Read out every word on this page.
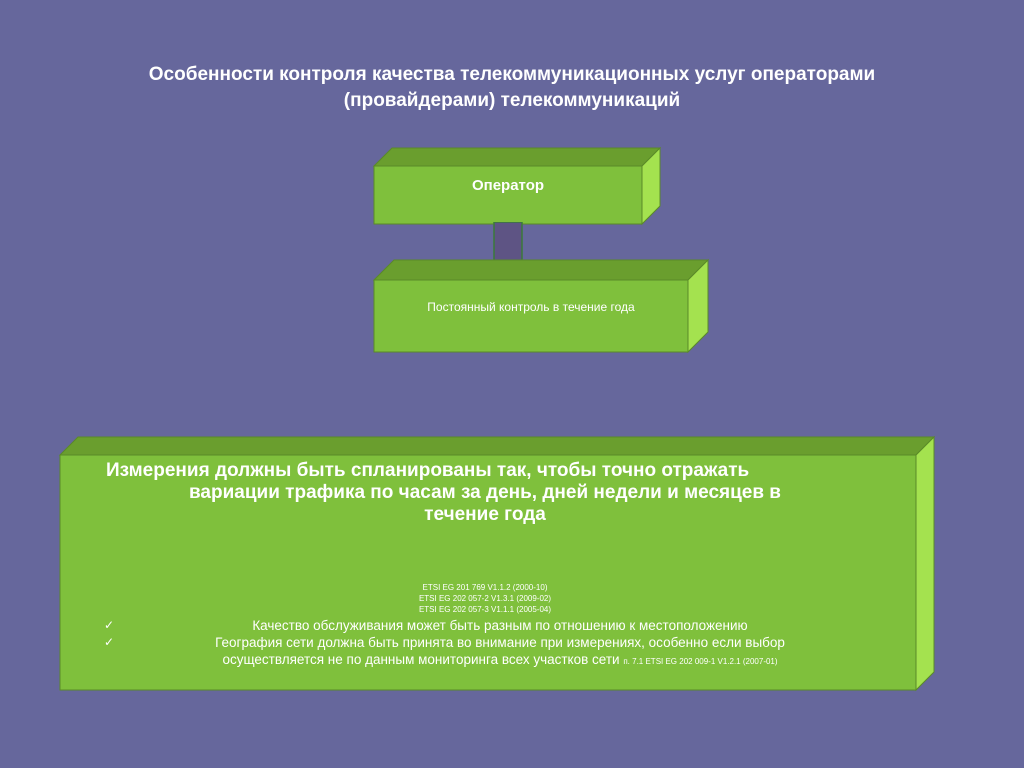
Особенности контроля качества телекоммуникационных услуг операторами
(провайдерами) телекоммуникаций
Оператор
Постоянный контроль в течение года

Измерения должны быть спланированы так, чтобы точно отражать
вариации трафика по часам за день, дней недели и месяцев в
течение года

ETSI EG 201 769 V1.1.2 (2000-10)
ETSI EG 202 057-2 V1.3.1 (2009-02)
ETSI EG 202 057-3 V1.1.1 (2005-04)
✓	Качество обслуживания может быть разным по отношению к местоположению
✓	География сети должна быть принята во внимание при измерениях, особенно если выбор
осуществляется не по данным мониторинга всех участков сети п. 7.1 ETSI EG 202 009-1 V1.2.1 (2007-01)
